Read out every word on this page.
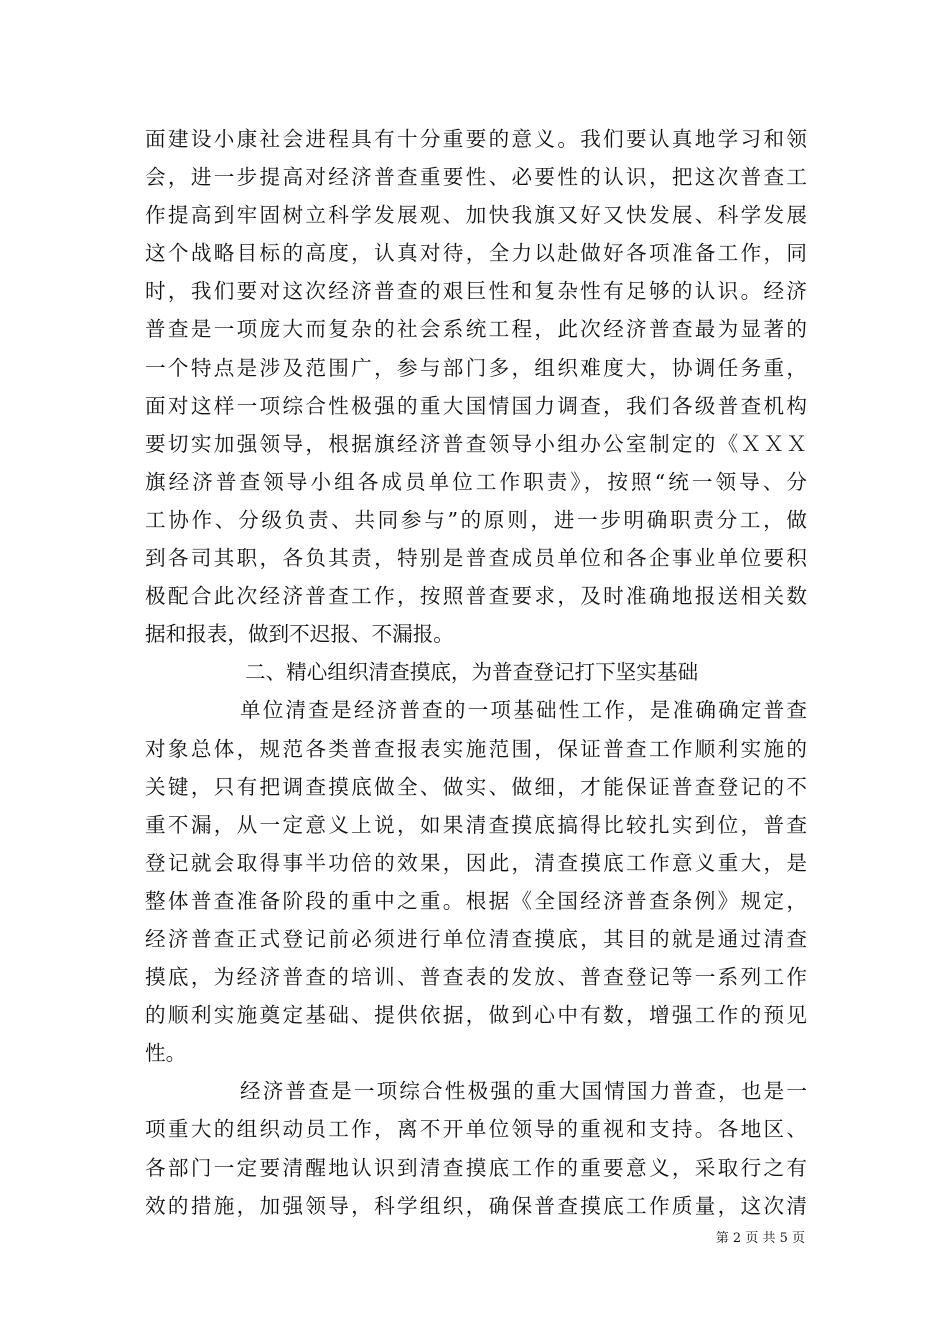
面建设小康社会进程具有十分重要的意义。我们要认真地学习和领
会，进一步提高对经济普查重要性、必要性的认识，把这次普查工
作提高到牢固树立科学发展观、加快我旗又好又快发展、科学发展
这个战略目标的高度，认真对待，全力以赴做好各项准备工作，同
时，我们要对这次经济普查的艰巨性和复杂性有足够的认识。经济
普查是一项庞大而复杂的社会系统工程，此次经济普查最为显著的
一个特点是涉及范围广，参与部门多，组织难度大，协调任务重，
面对这样一项综合性极强的重大国情国力调查，我们各级普查机构
要切实加强领导，根据旗经济普查领导小组办公室制定的《ＸＸＸ
旗经济普查领导小组各成员单位工作职责》，按照“统一领导、分
工协作、分级负责、共同参与”的原则，进一步明确职责分工，做
到各司其职，各负其责，特别是普查成员单位和各企事业单位要积
极配合此次经济普查工作，按照普查要求，及时准确地报送相关数
据和报表，做到不迟报、不漏报。
二、精心组织清查摸底，为普查登记打下坚实基础
单位清查是经济普查的一项基础性工作，是准确确定普查
对象总体，规范各类普查报表实施范围，保证普查工作顺利实施的
关键，只有把调查摸底做全、做实、做细，才能保证普查登记的不
重不漏，从一定意义上说，如果清查摸底搞得比较扎实到位，普查
登记就会取得事半功倍的效果，因此，清查摸底工作意义重大，是
整体普查准备阶段的重中之重。根据《全国经济普查条例》规定，
经济普查正式登记前必须进行单位清查摸底，其目的就是通过清查
摸底，为经济普查的培训、普查表的发放、普查登记等一系列工作
的顺利实施奠定基础、提供依据，做到心中有数，增强工作的预见
性。
经济普查是一项综合性极强的重大国情国力普查，也是一
项重大的组织动员工作，离不开单位领导的重视和支持。各地区、
各部门一定要清醒地认识到清查摸底工作的重要意义，采取行之有
效的措施，加强领导，科学组织，确保普查摸底工作质量，这次清
第 2 页 共 5 页
